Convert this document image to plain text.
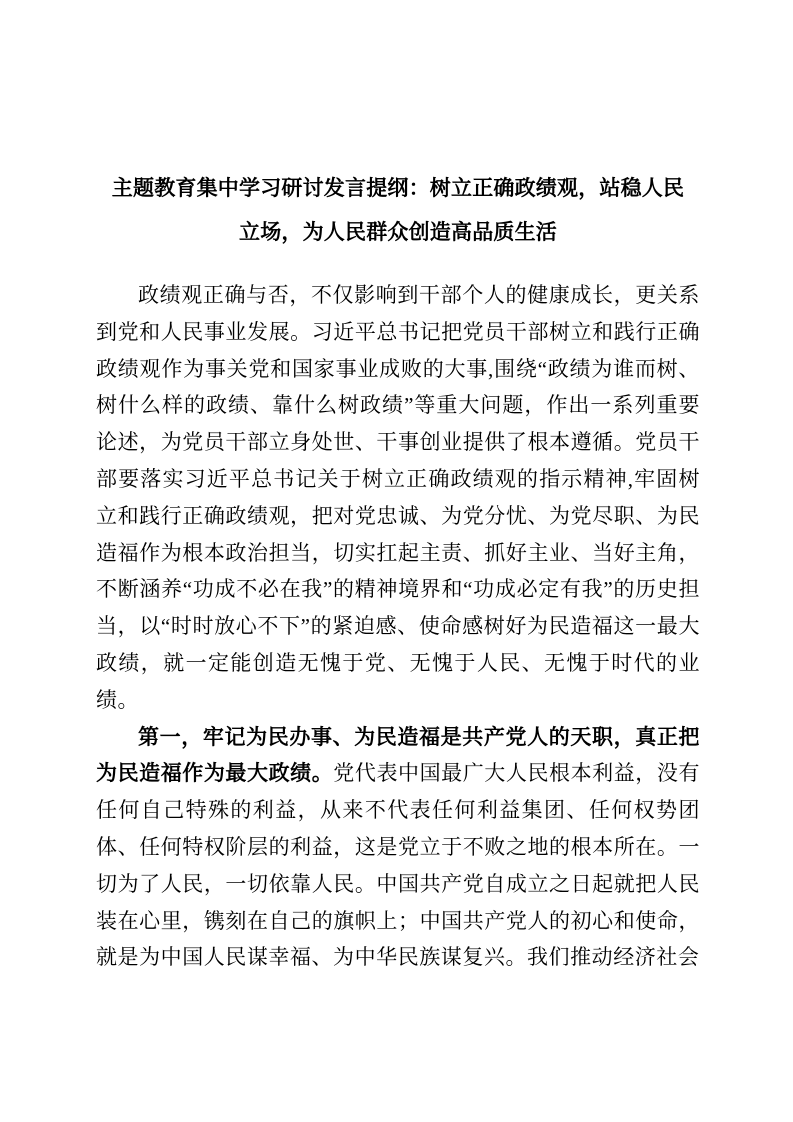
主题教育集中学习研讨发言提纲：树立正确政绩观，站稳人民
立场，为人民群众创造高品质生活

政绩观正确与否，不仅影响到干部个人的健康成长，更关系到党和人民事业发展。习近平总书记把党员干部树立和践行正确政绩观作为事关党和国家事业成败的大事,围绕“政绩为谁而树、树什么样的政绩、靠什么树政绩”等重大问题，作出一系列重要论述，为党员干部立身处世、干事创业提供了根本遵循。党员干部要落实习近平总书记关于树立正确政绩观的指示精神,牢固树立和践行正确政绩观，把对党忠诚、为党分忧、为党尽职、为民造福作为根本政治担当，切实扛起主责、抓好主业、当好主角，不断涵养“功成不必在我”的精神境界和“功成必定有我”的历史担当，以“时时放心不下”的紧迫感、使命感树好为民造福这一最大政绩，就一定能创造无愧于党、无愧于人民、无愧于时代的业绩。

第一，牢记为民办事、为民造福是共产党人的天职，真正把为民造福作为最大政绩。党代表中国最广大人民根本利益，没有任何自己特殊的利益，从来不代表任何利益集团、任何权势团体、任何特权阶层的利益，这是党立于不败之地的根本所在。一切为了人民，一切依靠人民。中国共产党自成立之日起就把人民装在心里，镌刻在自己的旗帜上；中国共产党人的初心和使命，就是为中国人民谋幸福、为中华民族谋复兴。我们推动经济社会
